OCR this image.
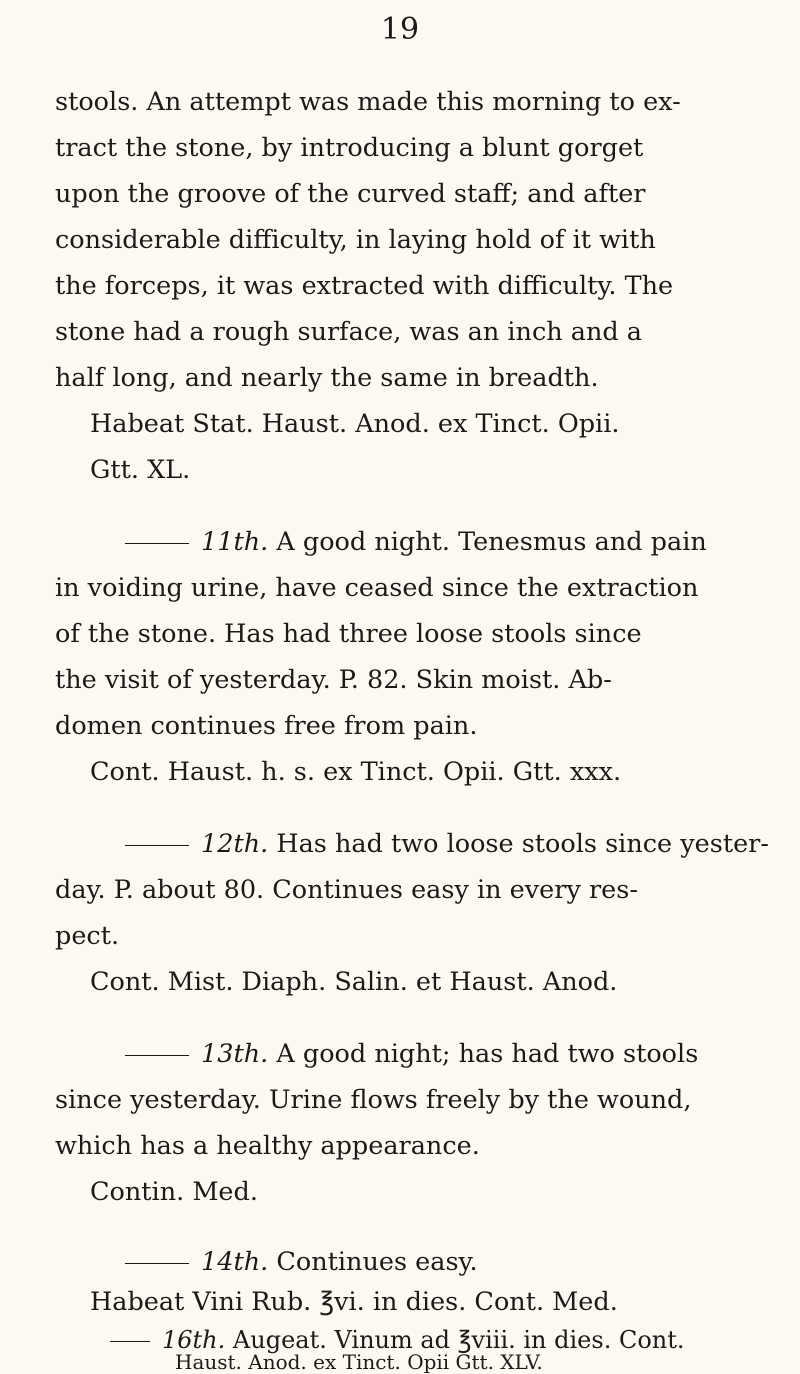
19
stools. An attempt was made this morning to ex-
tract the stone, by introducing a blunt gorget
upon the groove of the curved staff; and after
considerable difficulty, in laying hold of it with
the forceps, it was extracted with difficulty. The
stone had a rough surface, was an inch and a
half long, and nearly the same in breadth.
Habeat Stat. Haust. Anod. ex Tinct. Opii.
Gtt. XL.
11th. A good night. Tenesmus and pain
in voiding urine, have ceased since the extraction
of the stone. Has had three loose stools since
the visit of yesterday. P. 82. Skin moist. Ab-
domen continues free from pain.
Cont. Haust. h. s. ex Tinct. Opii. Gtt. xxx.
12th. Has had two loose stools since yester-
day. P. about 80. Continues easy in every res-
pect.
Cont. Mist. Diaph. Salin. et Haust. Anod.
13th. A good night; has had two stools
since yesterday. Urine flows freely by the wound,
which has a healthy appearance.
Contin. Med.
14th. Continues easy.
Habeat Vini Rub. ℥vi. in dies. Cont. Med.
16th. Augeat. Vinum ad ℥viii. in dies. Cont.
Haust. Anod. ex Tinct. Opii Gtt. XLV.
